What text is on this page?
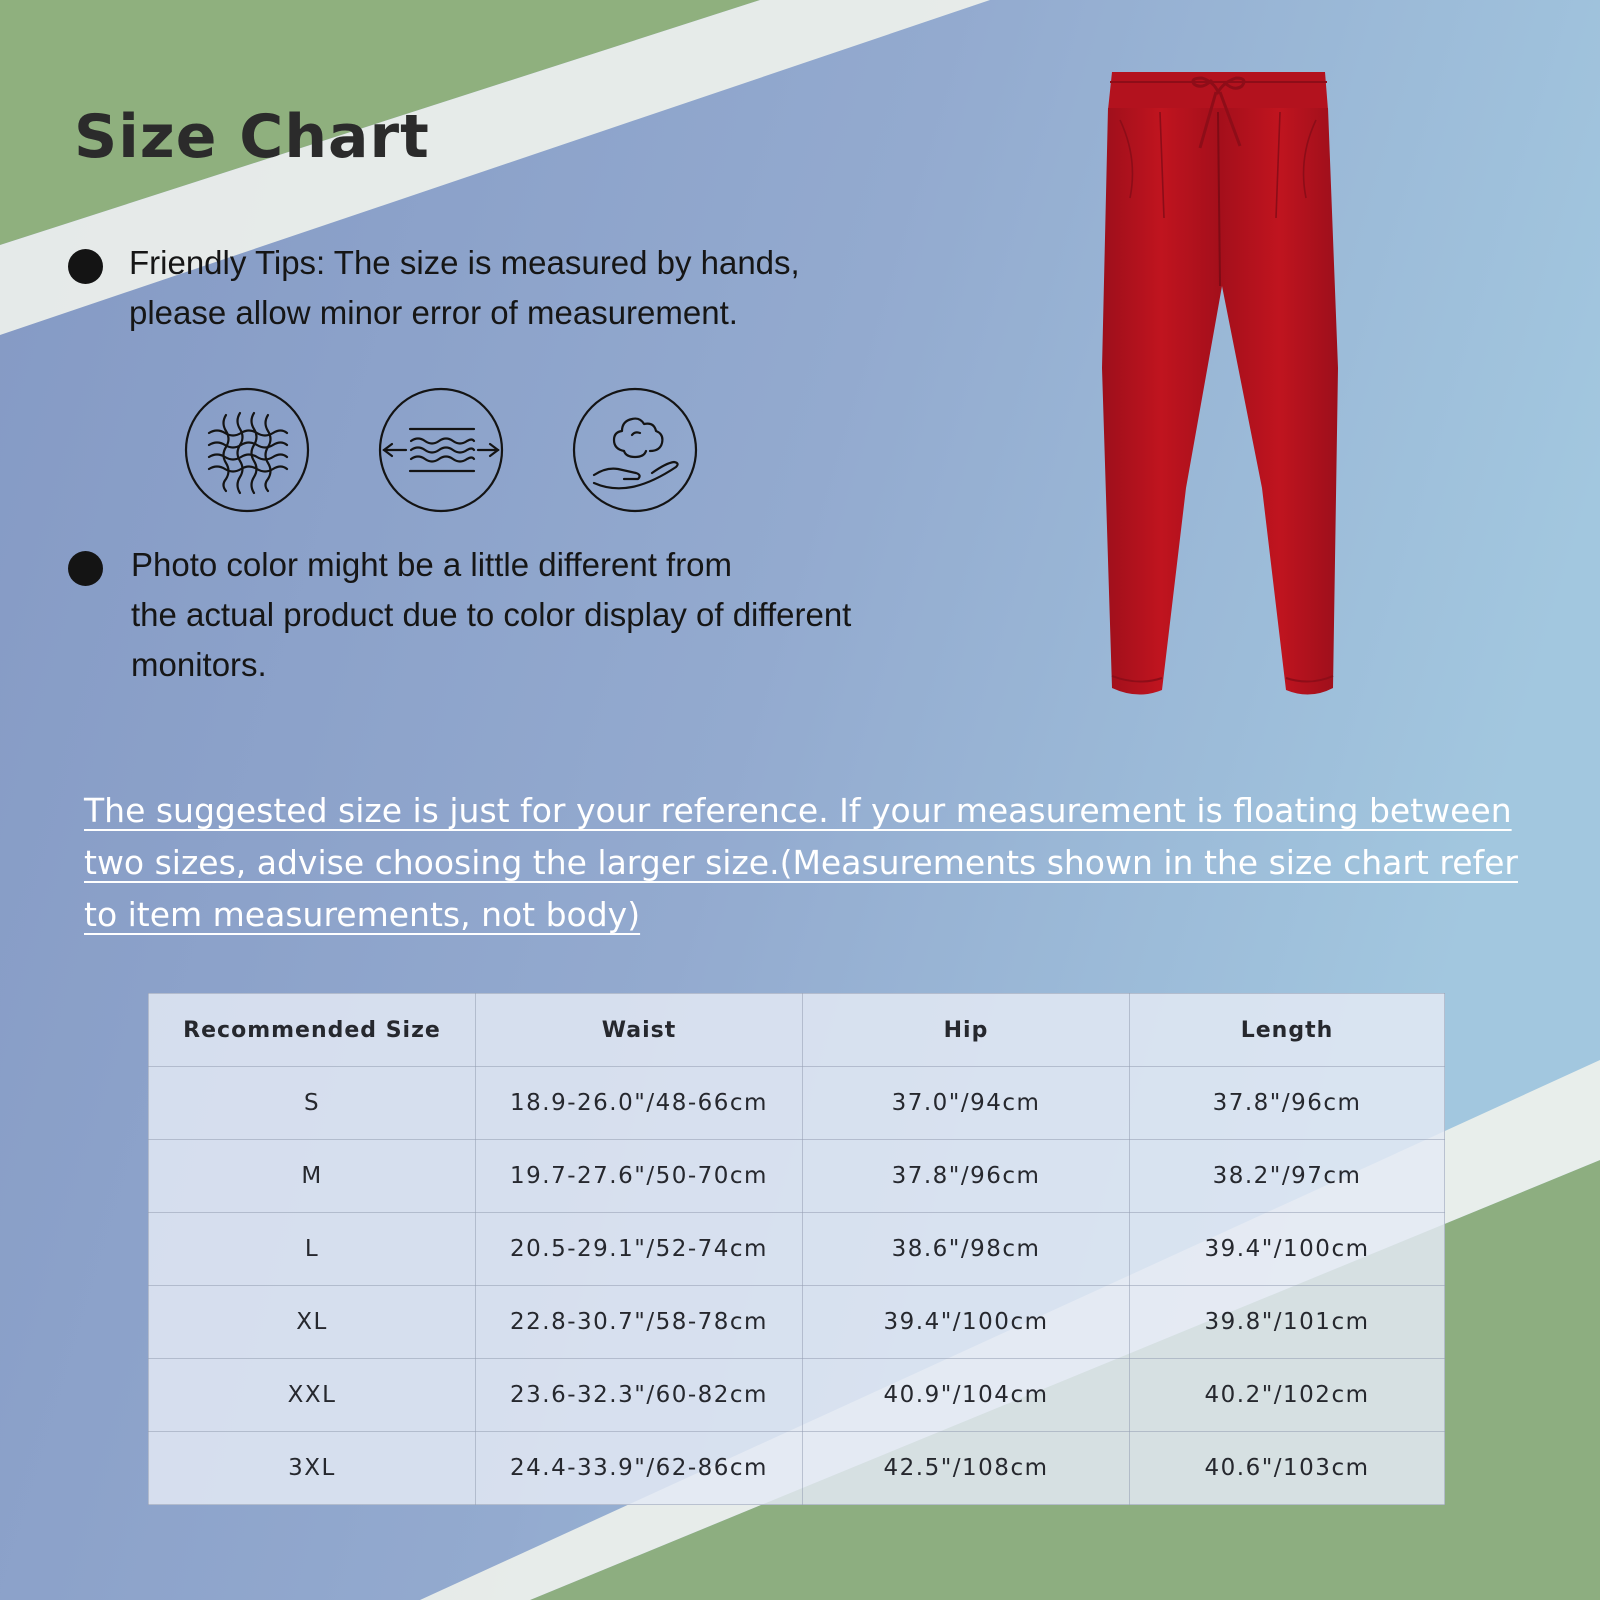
Size Chart
Friendly Tips: The size is measured by hands,
please allow minor error of measurement.
Photo color might be a little different from
the actual product due to color display of different
monitors.
The suggested size is just for your reference. If your measurement is floating between
two sizes, advise choosing the larger size.(Measurements shown in the size chart refer
to item measurements, not body)
Recommended Size	Waist	Hip	Length
S	18.9-26.0"/48-66cm	37.0"/94cm	37.8"/96cm
M	19.7-27.6"/50-70cm	37.8"/96cm	38.2"/97cm
L	20.5-29.1"/52-74cm	38.6"/98cm	39.4"/100cm
XL	22.8-30.7"/58-78cm	39.4"/100cm	39.8"/101cm
XXL	23.6-32.3"/60-82cm	40.9"/104cm	40.2"/102cm
3XL	24.4-33.9"/62-86cm	42.5"/108cm	40.6"/103cm
